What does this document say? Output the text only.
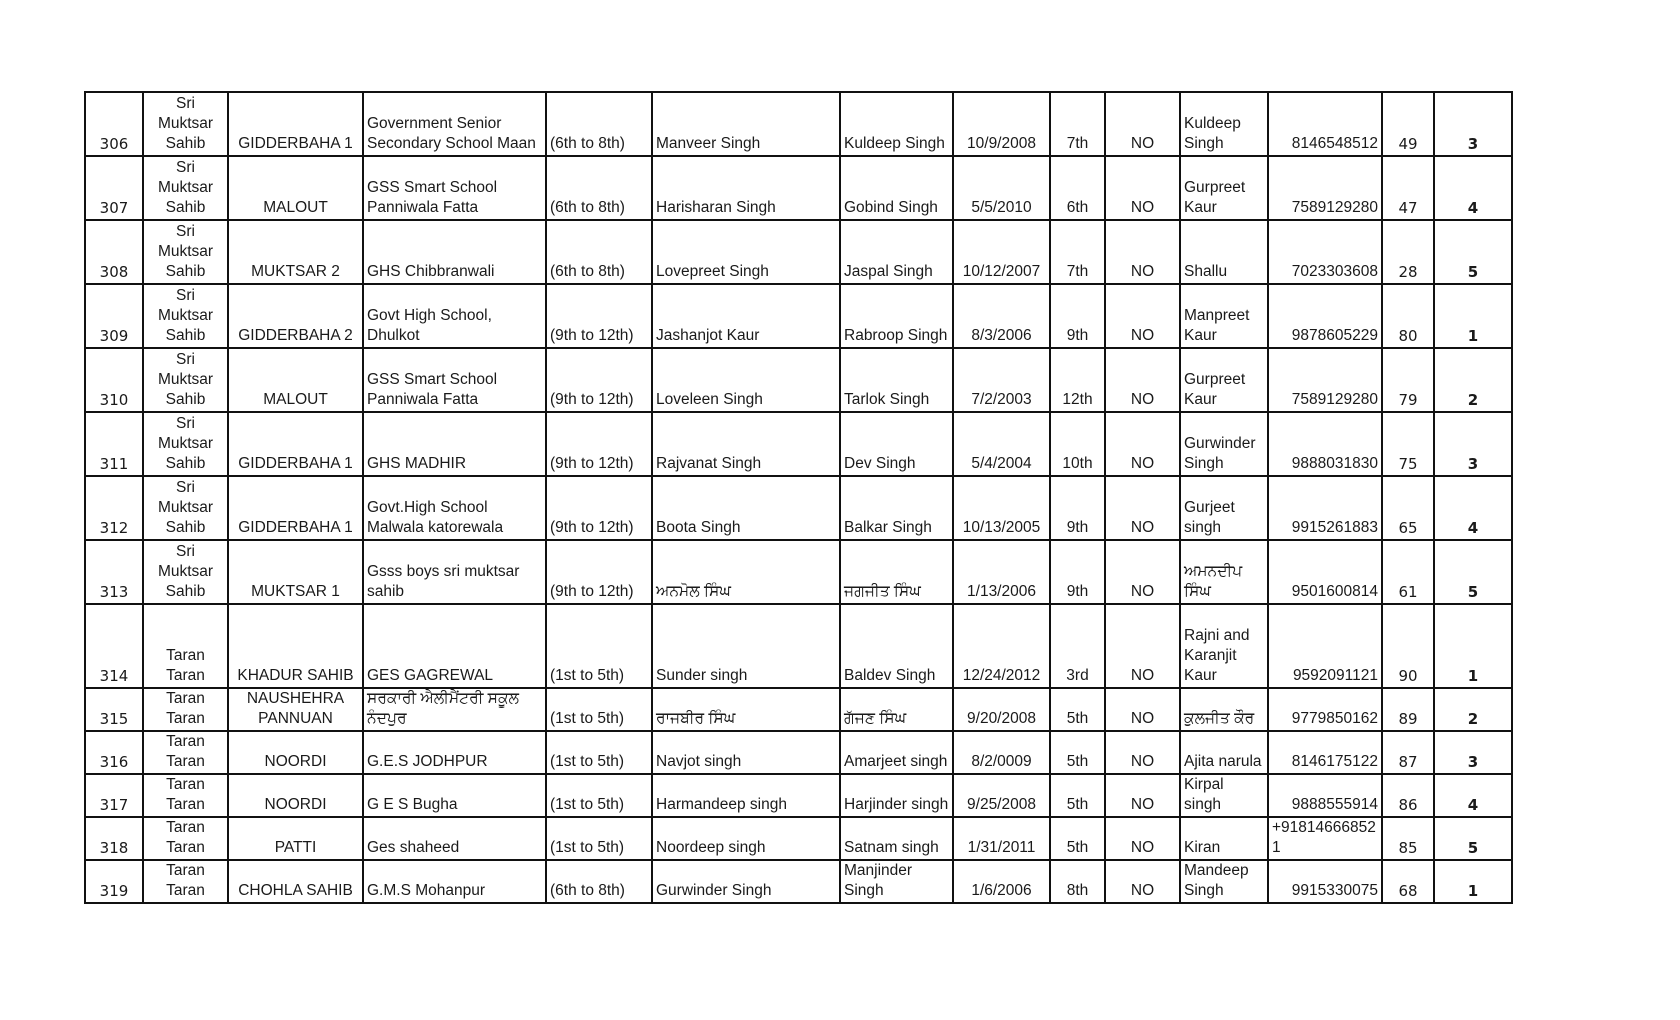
306	Sri
Muktsar
Sahib	GIDDERBAHA 1	Government Senior Secondary School Maan	(6th to 8th)	Manveer Singh	Kuldeep Singh	10/9/2008	7th	NO	Kuldeep Singh	8146548512	49	3
307	Sri
Muktsar
Sahib	MALOUT	GSS Smart School Panniwala Fatta	(6th to 8th)	Harisharan Singh	Gobind Singh	5/5/2010	6th	NO	Gurpreet Kaur	7589129280	47	4
308	Sri
Muktsar
Sahib	MUKTSAR 2	GHS Chibbranwali	(6th to 8th)	Lovepreet Singh	Jaspal Singh	10/12/2007	7th	NO	Shallu	7023303608	28	5
309	Sri
Muktsar
Sahib	GIDDERBAHA 2	Govt High School, Dhulkot	(9th to 12th)	Jashanjot Kaur	Rabroop Singh	8/3/2006	9th	NO	Manpreet Kaur	9878605229	80	1
310	Sri
Muktsar
Sahib	MALOUT	GSS Smart School Panniwala Fatta	(9th to 12th)	Loveleen Singh	Tarlok Singh	7/2/2003	12th	NO	Gurpreet Kaur	7589129280	79	2
311	Sri
Muktsar
Sahib	GIDDERBAHA 1	GHS MADHIR	(9th to 12th)	Rajvanat Singh	Dev Singh	5/4/2004	10th	NO	Gurwinder
Singh	9888031830	75	3
312	Sri
Muktsar
Sahib	GIDDERBAHA 1	Govt.High School Malwala katorewala	(9th to 12th)	Boota Singh	Balkar Singh	10/13/2005	9th	NO	Gurjeet singh	9915261883	65	4
313	Sri
Muktsar
Sahib	MUKTSAR 1	Gsss boys sri muktsar sahib	(9th to 12th)	ਅਨਮੋਲ ਸਿੰਘ	ਜਗਜੀਤ ਸਿੰਘ	1/13/2006	9th	NO	ਅਮਨਦੀਪ ਸਿੰਘ	9501600814	61	5
314	Taran
Taran	KHADUR SAHIB	GES GAGREWAL	(1st to 5th)	Sunder singh	Baldev Singh	12/24/2012	3rd	NO	Rajni and Karanjit Kaur	9592091121	90	1
315	Taran
Taran	NAUSHEHRA
PANNUAN	ਸਰਕਾਰੀ ਐਲੀਮੈਂਟਰੀ ਸਕੂਲ ਨੰਦਪੁਰ	(1st to 5th)	ਰਾਜਬੀਰ ਸਿੰਘ	ਗੱਜਣ ਸਿੰਘ	9/20/2008	5th	NO	ਕੁਲਜੀਤ ਕੌਰ	9779850162	89	2
316	Taran
Taran	NOORDI	G.E.S JODHPUR	(1st to 5th)	Navjot singh	Amarjeet singh	8/2/0009	5th	NO	Ajita narula	8146175122	87	3
317	Taran
Taran	NOORDI	G E S Bugha	(1st to 5th)	Harmandeep singh	Harjinder singh	9/25/2008	5th	NO	Kirpal singh	9888555914	86	4
318	Taran
Taran	PATTI	Ges shaheed	(1st to 5th)	Noordeep singh	Satnam singh	1/31/2011	5th	NO	Kiran	+918146668521	85	5
319	Taran
Taran	CHOHLA SAHIB	G.M.S Mohanpur	(6th to 8th)	Gurwinder Singh	Manjinder Singh	1/6/2006	8th	NO	Mandeep Singh	9915330075	68	1
